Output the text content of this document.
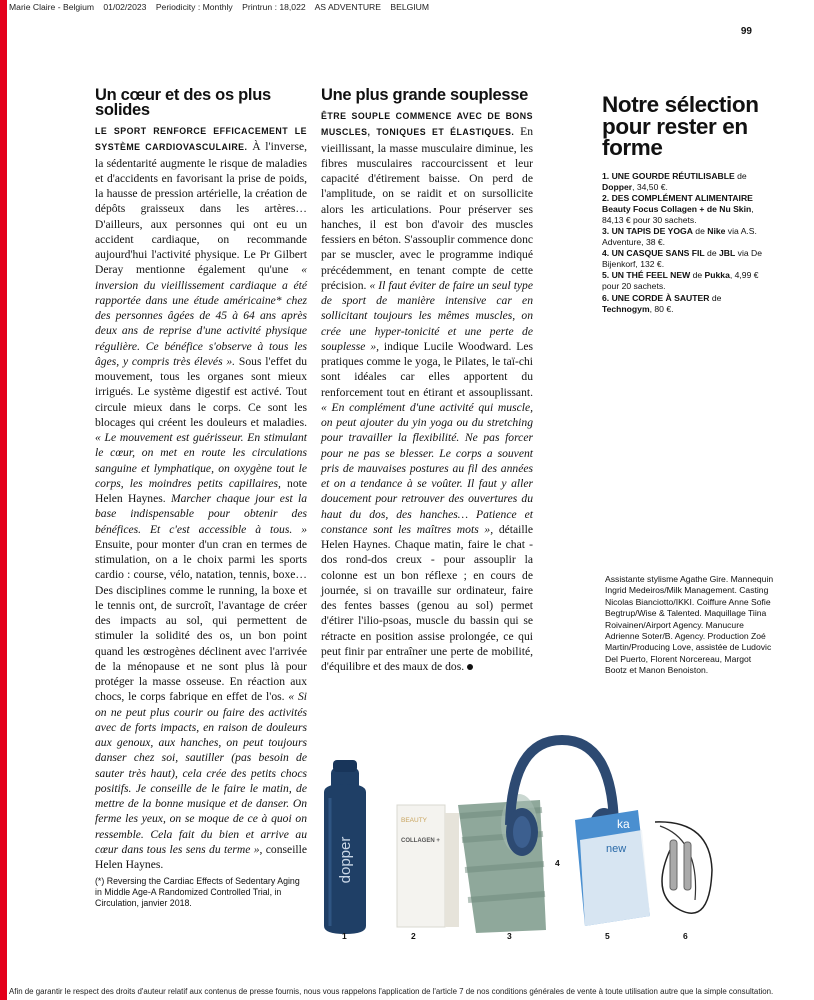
Marie Claire - Belgium 01/02/2023 Periodicity : Monthly Printrun : 18,022 AS ADVENTURE BELGIUM
99
Un cœur et des os plus solides

LE SPORT RENFORCE EFFICACEMENT LE SYSTÈME CARDIOVASCULAIRE. À l'inverse, la sédentarité augmente le risque de maladies et d'accidents en favorisant la prise de poids, la hausse de pression artérielle, la création de dépôts graisseux dans les artères… D'ailleurs, aux personnes qui ont eu un accident cardiaque, on recommande aujourd'hui l'activité physique. Le Pr Gilbert Deray mentionne également qu'une « inversion du vieillissement cardiaque a été rapportée dans une étude américaine* chez des personnes âgées de 45 à 64 ans après deux ans de reprise d'une activité physique régulière. Ce bénéfice s'observe à tous les âges, y compris très élevés ». Sous l'effet du mouvement, tous les organes sont mieux irrigués. Le système digestif est activé. Tout circule mieux dans le corps. Ce sont les blocages qui créent les douleurs et maladies. « Le mouvement est guérisseur. En stimulant le cœur, on met en route les circulations sanguine et lymphatique, on oxygène tout le corps, les moindres petits capillaires, note Helen Haynes. Marcher chaque jour est la base indispensable pour obtenir des bénéfices. Et c'est accessible à tous. » Ensuite, pour monter d'un cran en termes de stimulation, on a le choix parmi les sports cardio : course, vélo, natation, tennis, boxe… Des disciplines comme le running, la boxe et le tennis ont, de surcroît, l'avantage de créer des impacts au sol, qui permettent de stimuler la solidité des os, un bon point quand les œstrogènes déclinent avec l'arrivée de la ménopause et ne sont plus là pour protéger la masse osseuse. En réaction aux chocs, le corps fabrique en effet de l'os. « Si on ne peut plus courir ou faire des activités avec de forts impacts, en raison de douleurs aux genoux, aux hanches, on peut toujours danser chez soi, sautiller (pas besoin de sauter très haut), cela crée des petits chocs positifs. Je conseille de le faire le matin, de mettre de la bonne musique et de danser. On ferme les yeux, on se moque de ce à quoi on ressemble. Cela fait du bien et arrive au cœur dans tous les sens du terme », conseille Helen Haynes.

(*) Reversing the Cardiac Effects of Sedentary Aging in Middle Age-A Randomized Controlled Trial, in Circulation, janvier 2018.
Une plus grande souplesse

ÊTRE SOUPLE COMMENCE AVEC DE BONS MUSCLES, TONIQUES ET ÉLASTIQUES. En vieillissant, la masse musculaire diminue, les fibres musculaires raccourcissent et leur capacité d'étirement baisse. On perd de l'amplitude, on se raidit et on sursollicite alors les articulations. Pour préserver ses hanches, il est bon d'avoir des muscles fessiers en béton. S'assouplir commence donc par se muscler, avec le programme indiqué précédemment, en tenant compte de cette précision. « Il faut éviter de faire un seul type de sport de manière intensive car en sollicitant toujours les mêmes muscles, on crée une hyper-tonicité et une perte de souplesse », indique Lucile Woodward. Les pratiques comme le yoga, le Pilates, le taï-chi sont idéales car elles apportent du renforcement tout en étirant et assouplissant. « En complément d'une activité qui muscle, on peut ajouter du yin yoga ou du stretching pour travailler la flexibilité. Ne pas forcer pour ne pas se blesser. Le corps a souvent pris de mauvaises postures au fil des années et on a tendance à se voûter. Il faut y aller doucement pour retrouver des ouvertures du haut du dos, des hanches… Patience et constance sont les maîtres mots », détaille Helen Haynes. Chaque matin, faire le chat - dos rond-dos creux - pour assouplir la colonne est un bon réflexe ; en cours de journée, si on travaille sur ordinateur, faire des fentes basses (genou au sol) permet d'étirer l'ilio-psoas, muscle du bassin qui se rétracte en position assise prolongée, ce qui peut finir par entraîner une perte de mobilité, d'équilibre et des maux de dos.

Notre sélection pour rester en forme
1. UNE GOURDE RÉUTILISABLE de Dopper, 34,50 €.
2. DES COMPLÉMENT ALIMENTAIRE Beauty Focus Collagen + de Nu Skin, 84,13 € pour 30 sachets.
3. UN TAPIS DE YOGA de Nike via A.S. Adventure, 38 €.
4. UN CASQUE SANS FIL de JBL via De Bijenkorf, 132 €.
5. UN THÉ FEEL NEW de Pukka, 4,99 € pour 20 sachets.
6. UNE CORDE À SAUTER de Technogym, 80 €.
Assistante stylisme Agathe Gire. Mannequin Ingrid Medeiros/Milk Management. Casting Nicolas Bianciotto/IKKI. Coiffure Anne Sofie Begtrup/Wise & Talented. Maquillage Tiina Roivainen/Airport Agency. Manucure Adrienne Soter/B. Agency. Production Zoé Martin/Producing Love, assistée de Ludovic Del Puerto, Florent Norcereau, Margot Bootz et Manon Benoiston.
dopper
BEAUTY
COLLAGEN +
ka
new
1	2	3
4
5	6
Afin de garantir le respect des droits d'auteur relatif aux contenus de presse fournis, nous vous rappelons l'application de l'article 7 de nos conditions générales de vente à toute utilisation autre que la simple consultation.
